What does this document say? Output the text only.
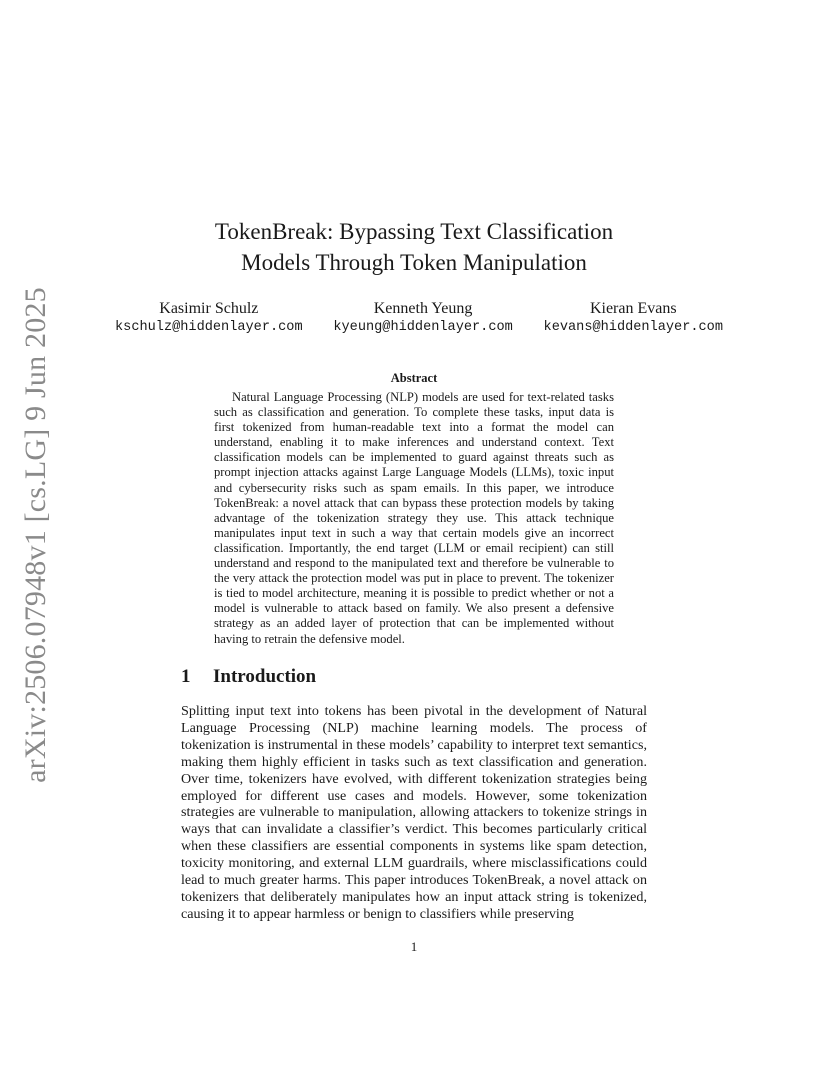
arXiv:2506.07948v1 [cs.LG] 9 Jun 2025
TokenBreak: Bypassing Text Classification
Models Through Token Manipulation
Kasimir Schulz
kschulz@hiddenlayer.com
Kenneth Yeung
kyeung@hiddenlayer.com
Kieran Evans
kevans@hiddenlayer.com
Abstract

Natural Language Processing (NLP) models are used for text-related tasks such as classification and generation. To complete these tasks, input data is first tokenized from human-readable text into a format the model can understand, enabling it to make inferences and understand context. Text classification models can be implemented to guard against threats such as prompt injection attacks against Large Language Models (LLMs), toxic input and cybersecurity risks such as spam emails. In this paper, we introduce TokenBreak: a novel attack that can bypass these protection models by taking advantage of the tokenization strategy they use. This attack technique manipulates input text in such a way that certain models give an incorrect classification. Importantly, the end target (LLM or email recipient) can still understand and respond to the manipulated text and therefore be vulnerable to the very attack the protection model was put in place to prevent. The tokenizer is tied to model architecture, meaning it is possible to predict whether or not a model is vulnerable to attack based on family. We also present a defensive strategy as an added layer of protection that can be implemented without having to retrain the defensive model.

1 Introduction

Splitting input text into tokens has been pivotal in the development of Natural Language Processing (NLP) machine learning models. The process of tokenization is instrumental in these models’ capability to interpret text semantics, making them highly efficient in tasks such as text classification and generation. Over time, tokenizers have evolved, with different tokenization strategies being employed for different use cases and models. However, some tokenization strategies are vulnerable to manipulation, allowing attackers to tokenize strings in ways that can invalidate a classifier’s verdict. This becomes particularly critical when these classifiers are essential components in systems like spam detection, toxicity monitoring, and external LLM guardrails, where misclassifications could lead to much greater harms. This paper introduces TokenBreak, a novel attack on tokenizers that deliberately manipulates how an input attack string is tokenized, causing it to appear harmless or benign to classifiers while preserving

1
